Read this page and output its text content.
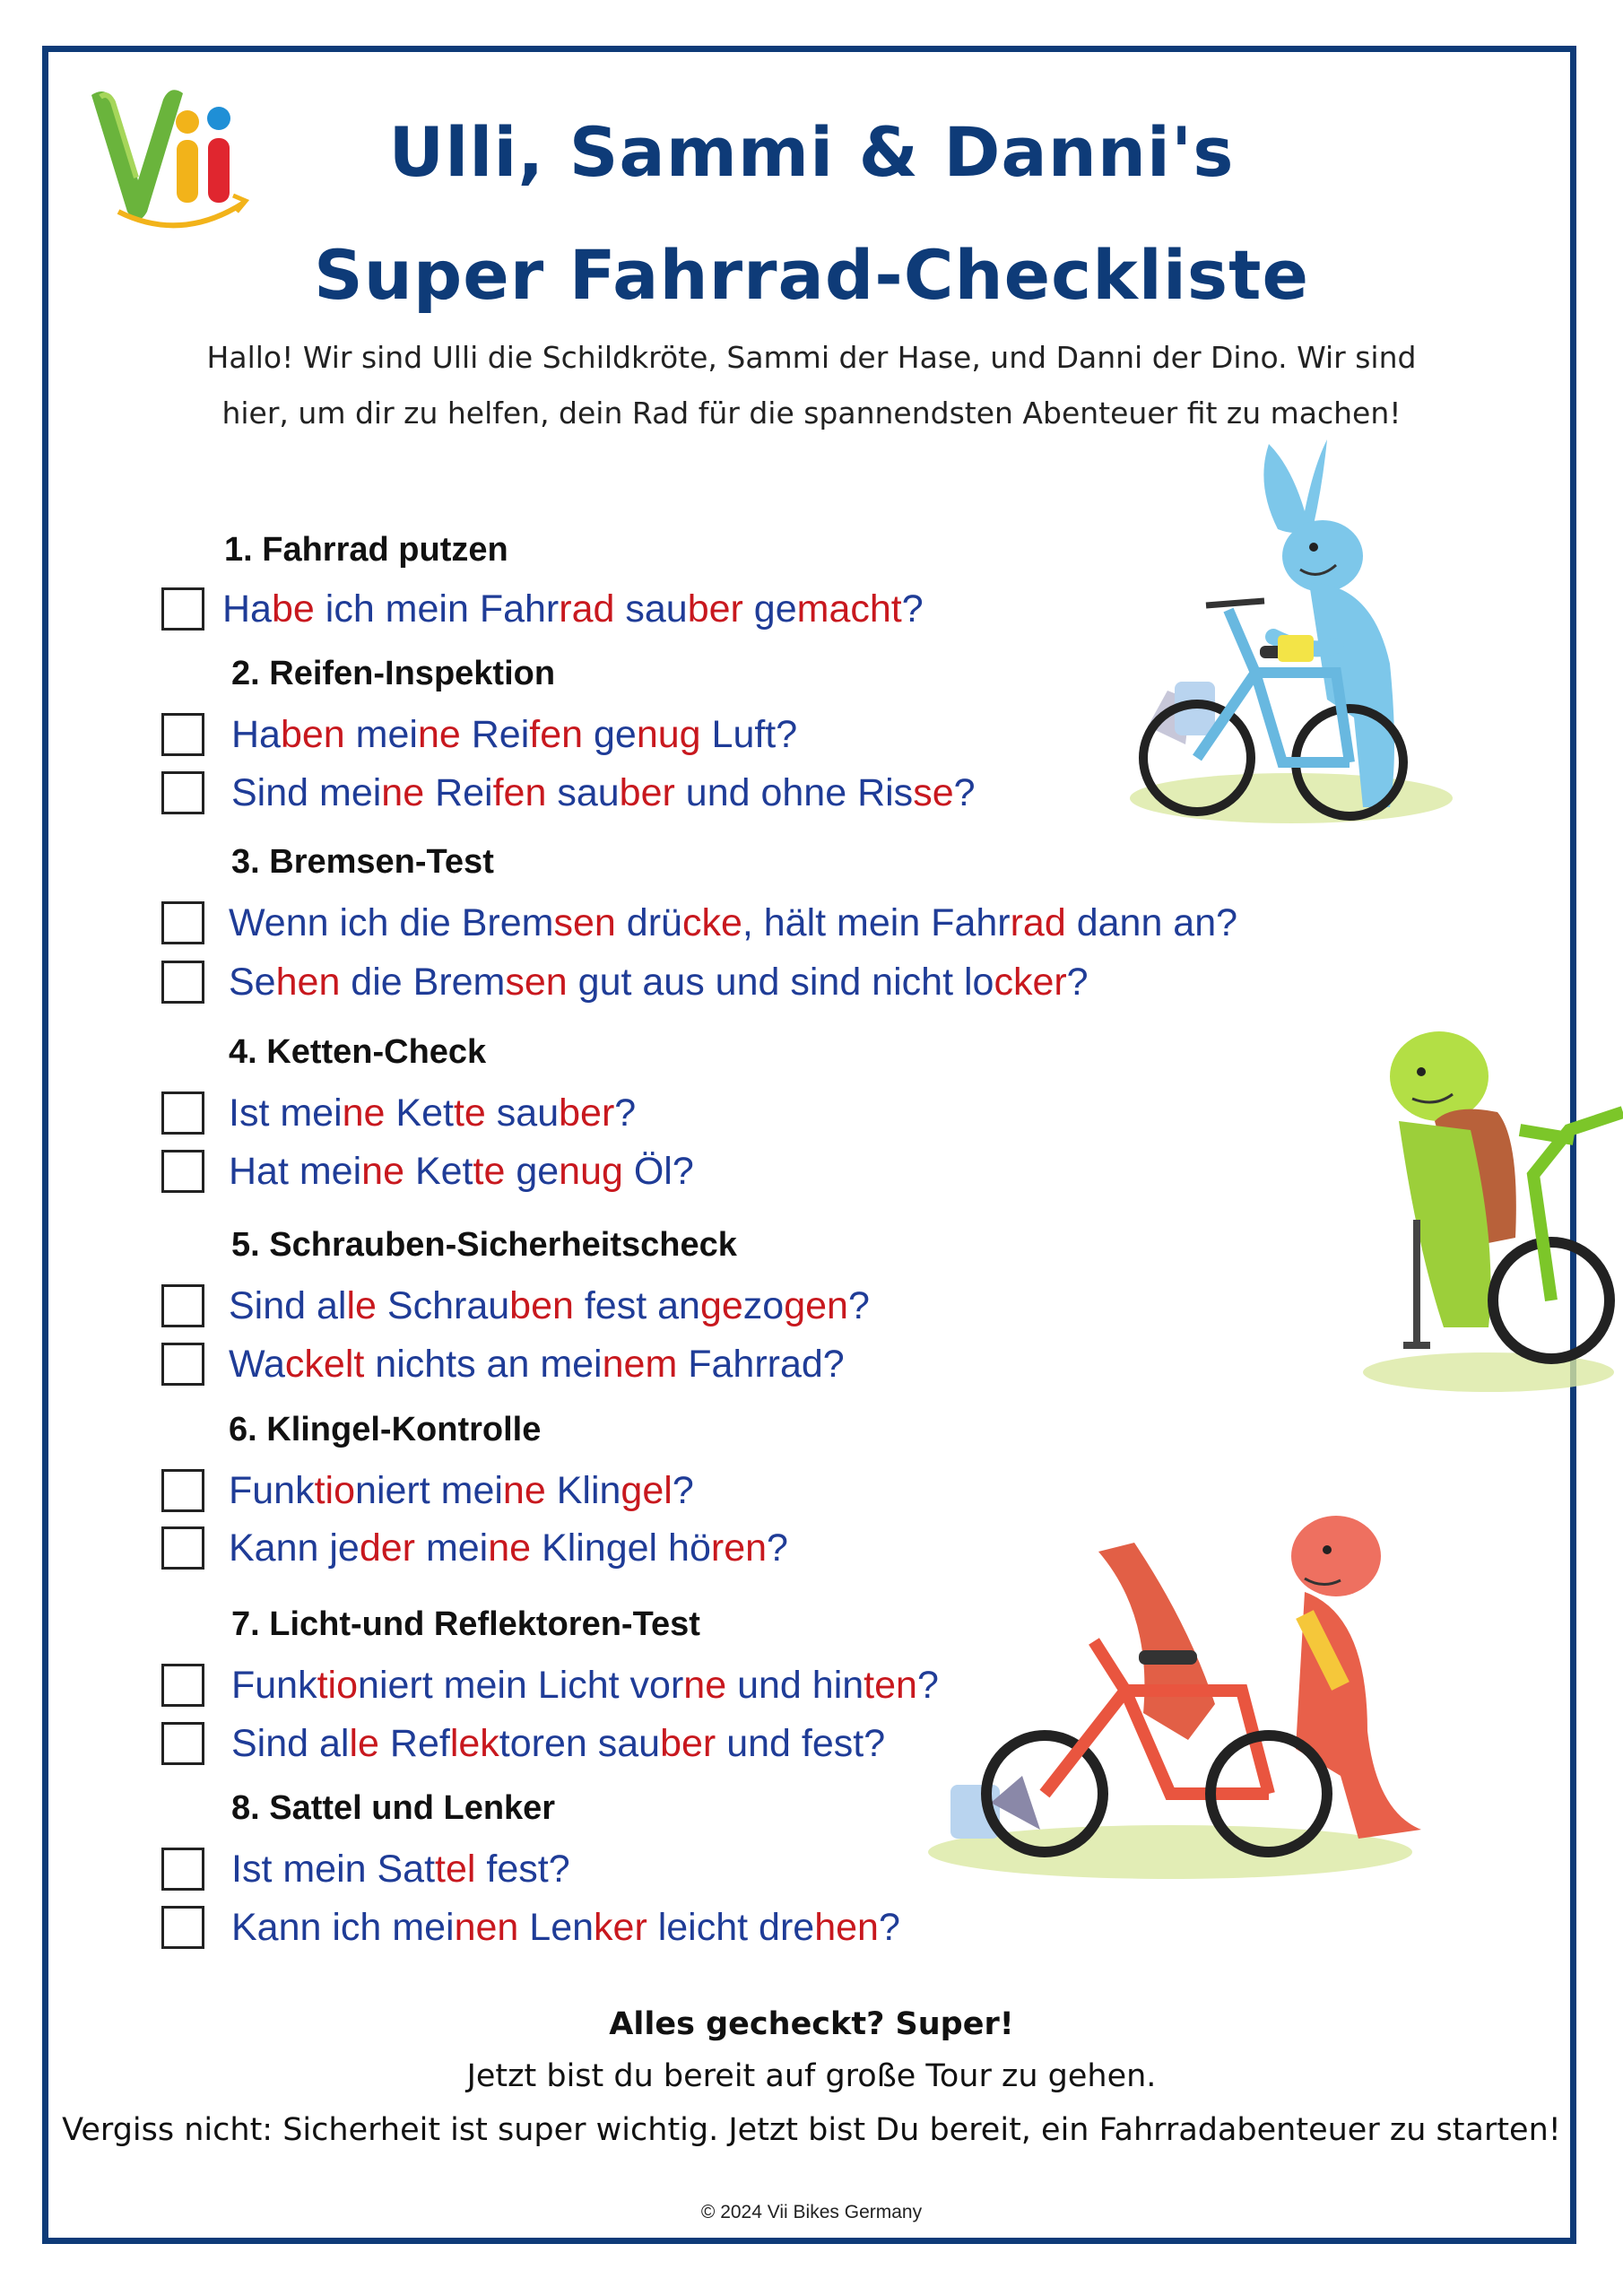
Ulli, Sammi & Danni's
Super Fahrrad-Checkliste
Hallo! Wir sind Ulli die Schildkröte, Sammi der Hase, und Danni der Dino. Wir sind
hier, um dir zu helfen, dein Rad für die spannendsten Abenteuer fit zu machen!
1. Fahrrad putzen
Habe ich mein Fahrrad sauber gemacht?
2. Reifen-Inspektion
Haben meine Reifen genug Luft?
Sind meine Reifen sauber und ohne Risse?
3. Bremsen-Test
Wenn ich die Bremsen drücke, hält mein Fahrrad dann an?
Sehen die Bremsen gut aus und sind nicht locker?
4. Ketten-Check
Ist meine Kette sauber?
Hat meine Kette genug Öl?
5. Schrauben-Sicherheitscheck
Sind alle Schrauben fest angezogen?
Wackelt nichts an meinem Fahrrad?
6. Klingel-Kontrolle
Funktioniert meine Klingel?
Kann jeder meine Klingel hören?
7. Licht-und Reflektoren-Test
Funktioniert mein Licht vorne und hinten?
Sind alle Reflektoren sauber und fest?
8. Sattel und Lenker
Ist mein Sattel fest?
Kann ich meinen Lenker leicht drehen?
Alles gecheckt? Super!
Jetzt bist du bereit auf große Tour zu gehen.
Vergiss nicht: Sicherheit ist super wichtig. Jetzt bist Du bereit, ein Fahrradabenteuer zu starten!
© 2024 Vii Bikes Germany
